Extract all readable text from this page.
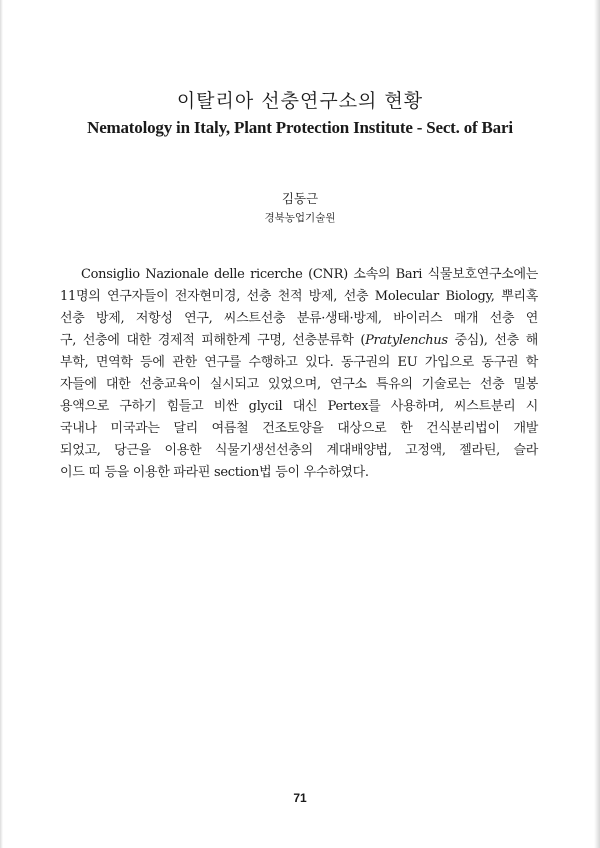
이탈리아 선충연구소의 현황
Nematology in Italy, Plant Protection Institute - Sect. of Bari
김동근
경북농업기술원
Consiglio Nazionale delle ricerche (CNR) 소속의 Bari 식물보호연구소에는
11명의 연구자들이 전자현미경, 선충 천적 방제, 선충 Molecular Biology, 뿌리혹
선충 방제, 저항성 연구, 씨스트선충 분류·생태·방제, 바이러스 매개 선충 연
구, 선충에 대한 경제적 피해한계 구명, 선충분류학 (Pratylenchus 중심), 선충 해
부학, 면역학 등에 관한 연구를 수행하고 있다. 동구권의 EU 가입으로 동구권 학
자들에 대한 선충교육이 실시되고 있었으며, 연구소 특유의 기술로는 선충 밀봉
용액으로 구하기 힘들고 비싼 glycil 대신 Pertex를 사용하며, 씨스트분리 시
국내나 미국과는 달리 여름철 건조토양을 대상으로 한 건식분리법이 개발
되었고, 당근을 이용한 식물기생선선충의 계대배양법, 고정액, 젤라틴, 슬라
이드 띠 등을 이용한 파라핀 section법 등이 우수하였다.
71
